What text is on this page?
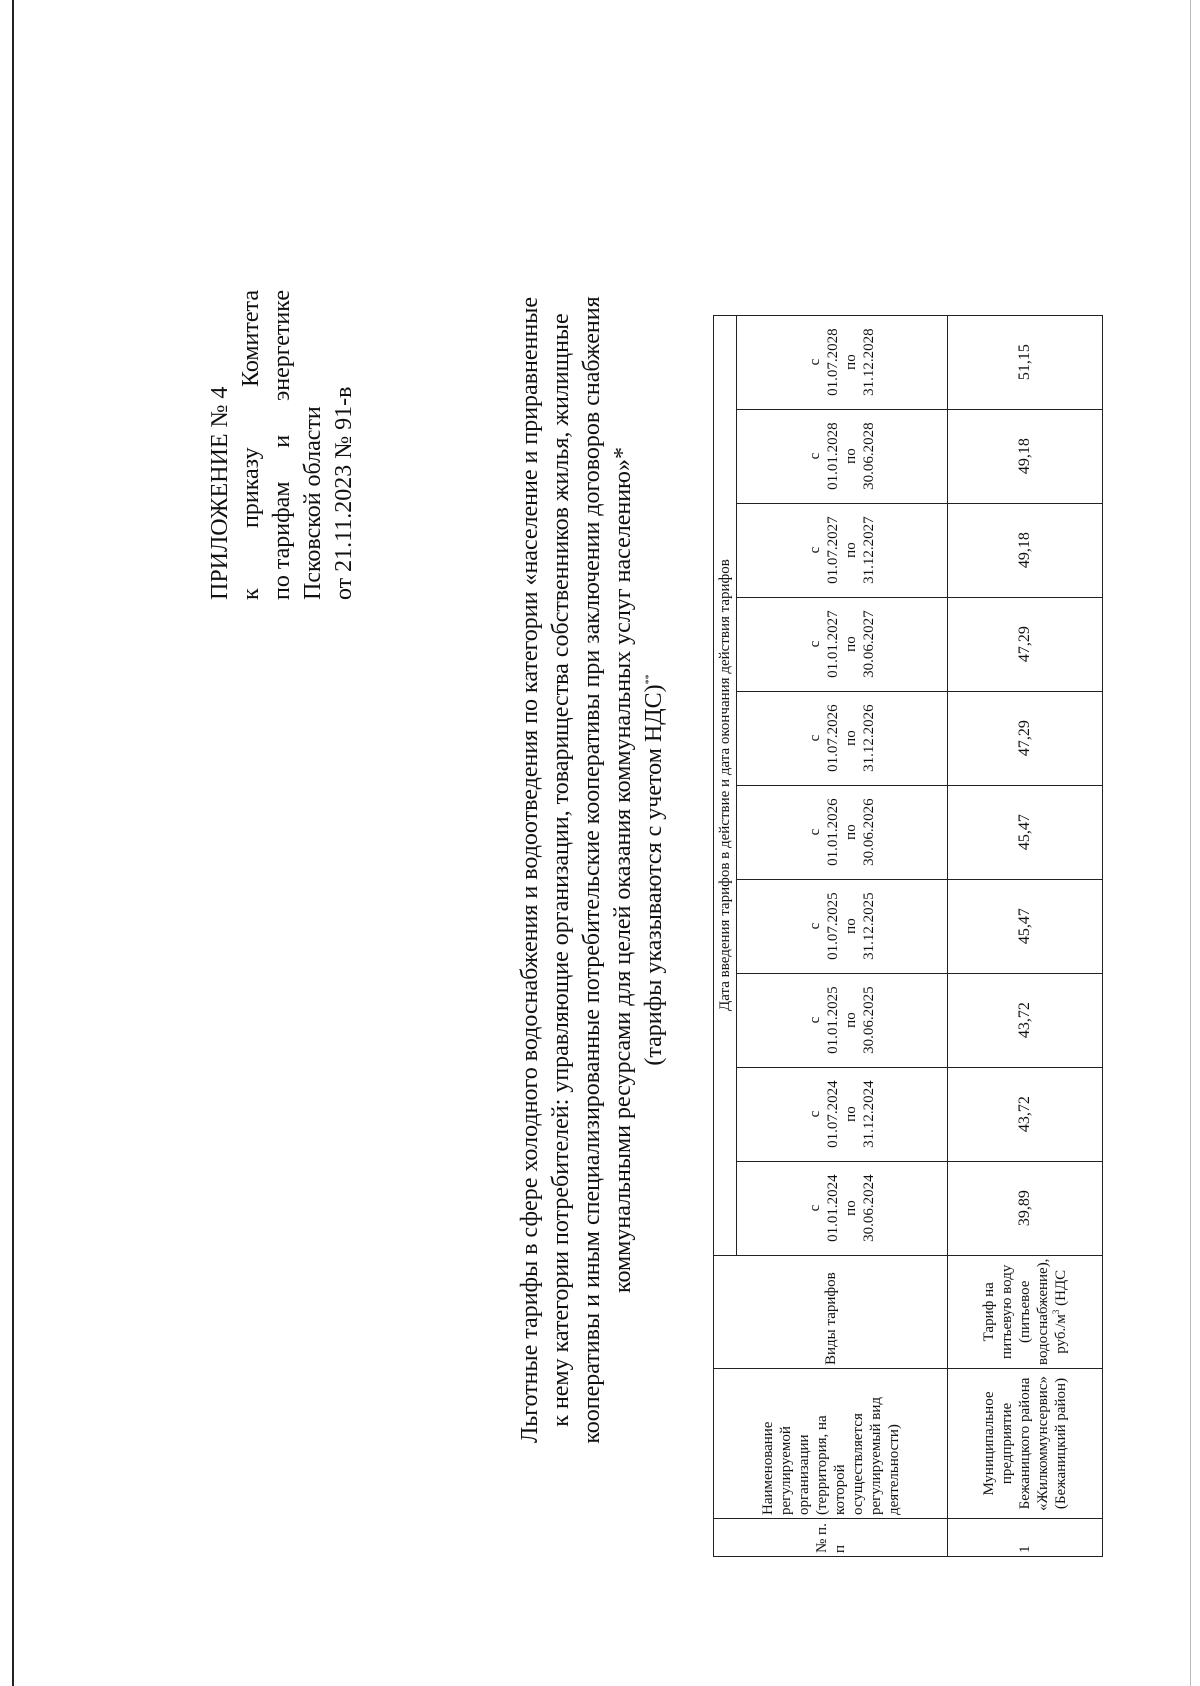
ПРИЛОЖЕНИЕ № 4 к
приказу
Комитета
по тарифам
и
энергетике
Псковской области от 21.11.2023 № 91-в	Льготные тарифы в сфере холодного водоснабжения и водоотведения по категории «население и приравненные к нему категории потребителей: управляющие организации, товарищества собственников жилья, жилищные кооперативы и иным специализированные потребительские кооперативы при заключении договоров снабжения коммунальными ресурсами для целей оказания коммунальных услуг населению»* (тарифы указываются с учетом НДС)**
№ п. п	Наименование регулируемой организации (территория, на которой осуществляется регулируемый вид деятельности)	Виды тарифов	Дата введения тарифов в действие и дата окончания действия тарифов									

			с 01.01.2024 по 30.06.2024	с 01.07.2024 по 31.12.2024	с 01.01.2025 по 30.06.2025	с 01.07.2025 по 31.12.2025	с 01.01.2026 по 30.06.2026	с 01.07.2026 по 31.12.2026	с 01.01.2027 по 30.06.2027	с 01.07.2027 по 31.12.2027	с 01.01.2028 по 30.06.2028	с 01.07.2028 по 31.12.2028

1	Муниципальное предприятие Бежаницкого района «Жилкоммунсервис» (Бежаницкий район)	Тариф на питьевую воду (питьевое водоснабжение), $руб./м^3$ (НДС	39,89	43,72	43,72	45,47	45,47	47,29	47,29	49,18	49,18	51,15
